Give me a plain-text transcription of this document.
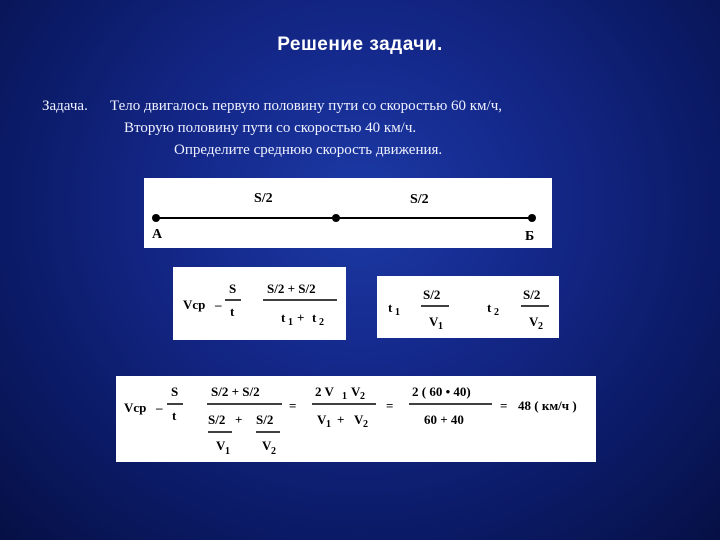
Решение задачи.
Задача. Тело двигалось первую половину пути со скоростью 60 км/ч,
Вторую половину пути со скоростью 40 км/ч.
Определите среднюю скорость движения.
S/2	S/2
А	Б
Vср –
S
t
S/2 + S/2
t 1 + t 2
t 1
S/2
V 1
t 2
S/2
V 2
Vср –
S
t
S/2 + S/2
S/2 + S/2
V 1 V 2
=
2 V 1 V 2
V 1 + V 2
=
2 ( 60 • 40)
60 + 40
= 48 ( км/ч )
